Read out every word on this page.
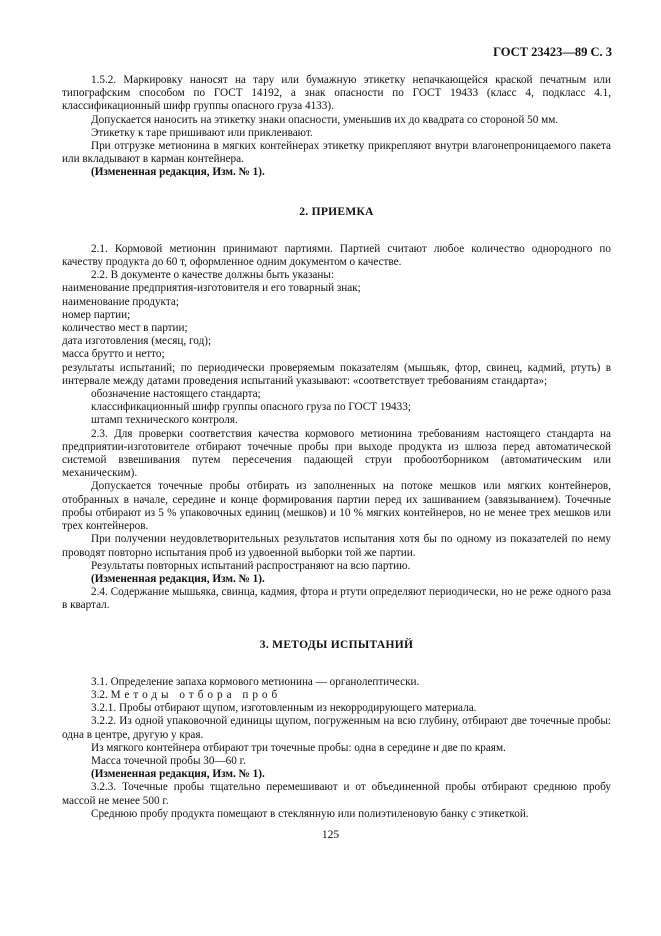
ГОСТ 23423—89 С. 3

1.5.2. Маркировку наносят на тару или бумажную этикетку непачкающейся краской печатным или типографским способом по ГОСТ 14192, а знак опасности по ГОСТ 19433 (класс 4, подкласс 4.1, классификационный шифр группы опасного груза 4133).

Допускается наносить на этикетку знаки опасности, уменьшив их до квадрата со стороной 50 мм.

Этикетку к таре пришивают или приклеивают.

При отгрузке метионина в мягких контейнерах этикетку прикрепляют внутри влагонепроницаемого пакета или вкладывают в карман контейнера.

(Измененная редакция, Изм. № 1).

2. ПРИЕМКА

2.1. Кормовой метионин принимают партиями. Партией считают любое количество однородного по качеству продукта до 60 т, оформленное одним документом о качестве.

2.2. В документе о качестве должны быть указаны:

наименование предприятия-изготовителя и его товарный знак;

наименование продукта;

номер партии;

количество мест в партии;

дата изготовления (месяц, год);

масса брутто и нетто;

результаты испытаний; по периодически проверяемым показателям (мышьяк, фтор, свинец, кадмий, ртуть) в интервале между датами проведения испытаний указывают: «соответствует требованиям стандарта»;

обозначение настоящего стандарта;

классификационный шифр группы опасного груза по ГОСТ 19433;

штамп технического контроля.

2.3. Для проверки соответствия качества кормового метионина требованиям настоящего стандарта на предприятии-изготовителе отбирают точечные пробы при выходе продукта из шлюза перед автоматической системой взвешивания путем пересечения падающей струи пробоотборником (автоматическим или механическим).

Допускается точечные пробы отбирать из заполненных на потоке мешков или мягких контейнеров, отобранных в начале, середине и конце формирования партии перед их зашиванием (завязыванием). Точечные пробы отбирают из 5 % упаковочных единиц (мешков) и 10 % мягких контейнеров, но не менее трех мешков или трех контейнеров.

При получении неудовлетворительных результатов испытания хотя бы по одному из показателей по нему проводят повторно испытания проб из удвоенной выборки той же партии.

Результаты повторных испытаний распространяют на всю партию.

(Измененная редакция, Изм. № 1).

2.4. Содержание мышьяка, свинца, кадмия, фтора и ртути определяют периодически, но не реже одного раза в квартал.

3. МЕТОДЫ ИСПЫТАНИЙ

3.1. Определение запаха кормового метионина — органолептически.

3.2. Методы отбора проб

3.2.1. Пробы отбирают щупом, изготовленным из некорродирующего материала.

3.2.2. Из одной упаковочной единицы щупом, погруженным на всю глубину, отбирают две точечные пробы: одна в центре, другую у края.

Из мягкого контейнера отбирают три точечные пробы: одна в середине и две по краям.

Масса точечной пробы 30—60 г.

(Измененная редакция, Изм. № 1).

3.2.3. Точечные пробы тщательно перемешивают и от объединенной пробы отбирают среднюю пробу массой не менее 500 г.

Среднюю пробу продукта помещают в стеклянную или полиэтиленовую банку с этикеткой.

125
